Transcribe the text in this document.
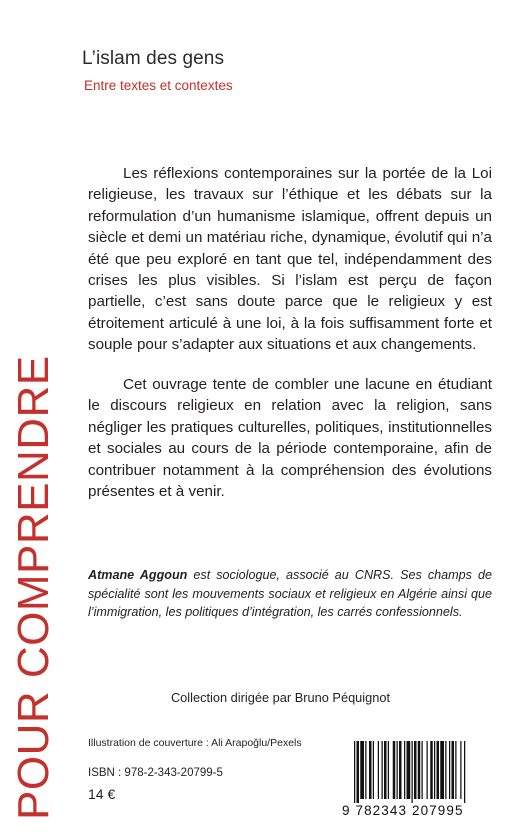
L’islam des gens
Entre textes et contextes

Les réflexions contemporaines sur la portée de la Loi religieuse, les travaux sur l’éthique et les débats sur la reformulation d’un humanisme islamique, offrent depuis un siècle et demi un matériau riche, dynamique, évolutif qui n’a été que peu exploré en tant que tel, indépendamment des crises les plus visibles. Si l’islam est perçu de façon partielle, c’est sans doute parce que le religieux y est étroitement articulé à une loi, à la fois suffisamment forte et souple pour s’adapter aux situations et aux changements.

Cet ouvrage tente de combler une lacune en étudiant le discours religieux en relation avec la religion, sans négliger les pratiques culturelles, politiques, institutionnelles et sociales au cours de la période contemporaine, afin de contribuer notamment à la compréhension des évolutions présentes et à venir.

POUR COMPRENDRE	Atmane Aggoun est sociologue, associé au CNRS. Ses champs de spécialité sont les mouvements sociaux et religieux en Algérie ainsi que l’immigration, les politiques d’intégration, les carrés confessionnels.
Collection dirigée par Bruno Péquignot
Illustration de couverture : Ali Arapoğlu/Pexels
ISBN : 978-2-343-20799-5
14 €
9 782343 207995
